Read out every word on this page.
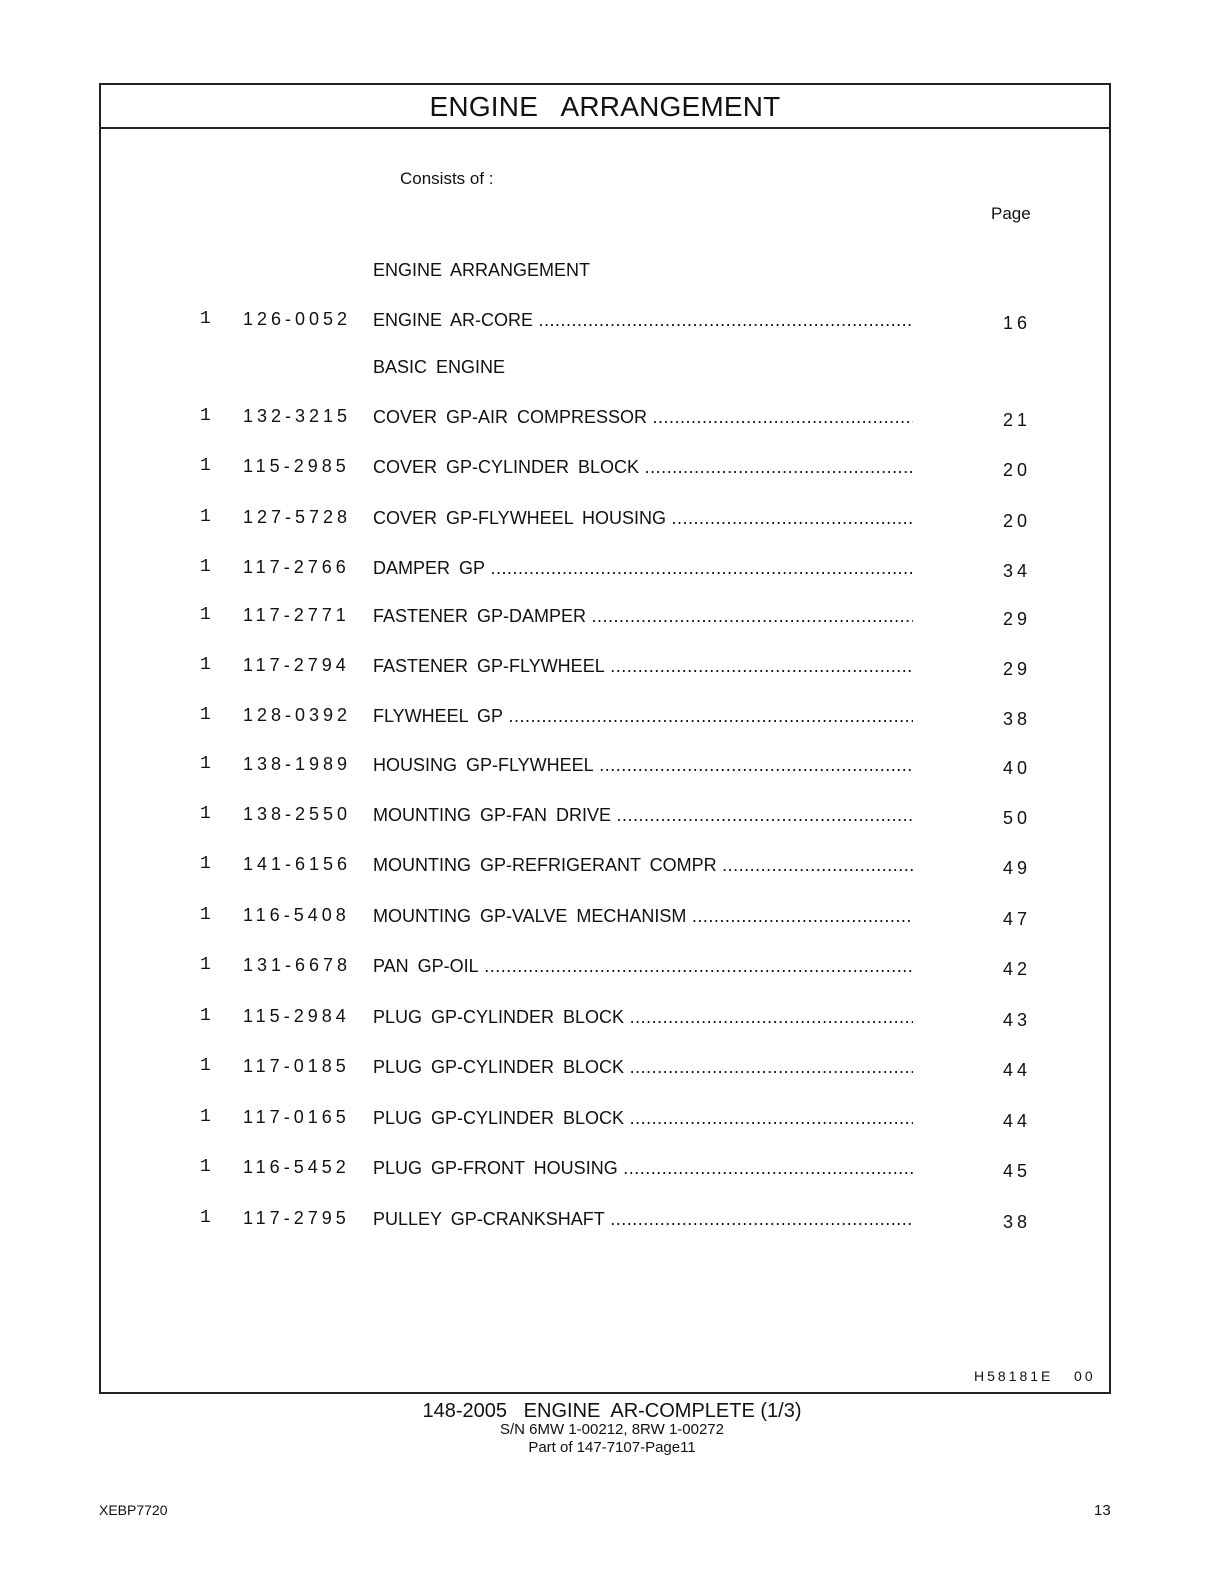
ENGINE   ARRANGEMENT
Consists of :
Page
ENGINE ARRANGEMENT
1 126-0052 ENGINE AR-CORE .....	16
BASIC ENGINE
1 132-3215 COVER GP-AIR COMPRESSOR .....	21
1 115-2985 COVER GP-CYLINDER BLOCK .....	20
1 127-5728 COVER GP-FLYWHEEL HOUSING .....	20
1 117-2766 DAMPER GP .....	34
1 117-2771 FASTENER GP-DAMPER .....	29
1 117-2794 FASTENER GP-FLYWHEEL .....	29
1 128-0392 FLYWHEEL GP .....	38
1 138-1989 HOUSING GP-FLYWHEEL .....	40
1 138-2550 MOUNTING GP-FAN DRIVE .....	50
1 141-6156 MOUNTING GP-REFRIGERANT COMPR .....	49
1 116-5408 MOUNTING GP-VALVE MECHANISM .....	47
1 131-6678 PAN GP-OIL .....	42
1 115-2984 PLUG GP-CYLINDER BLOCK .....	43
1 117-0185 PLUG GP-CYLINDER BLOCK .....	44
1 117-0165 PLUG GP-CYLINDER BLOCK .....	44
1 116-5452 PLUG GP-FRONT HOUSING .....	45
1 117-2795 PULLEY GP-CRANKSHAFT .....	38
H58181E   00
148-2005   ENGINE  AR-COMPLETE (1/3)
S/N 6MW 1-00212, 8RW 1-00272
Part of 147-7107-Page11
XEBP7720	13
